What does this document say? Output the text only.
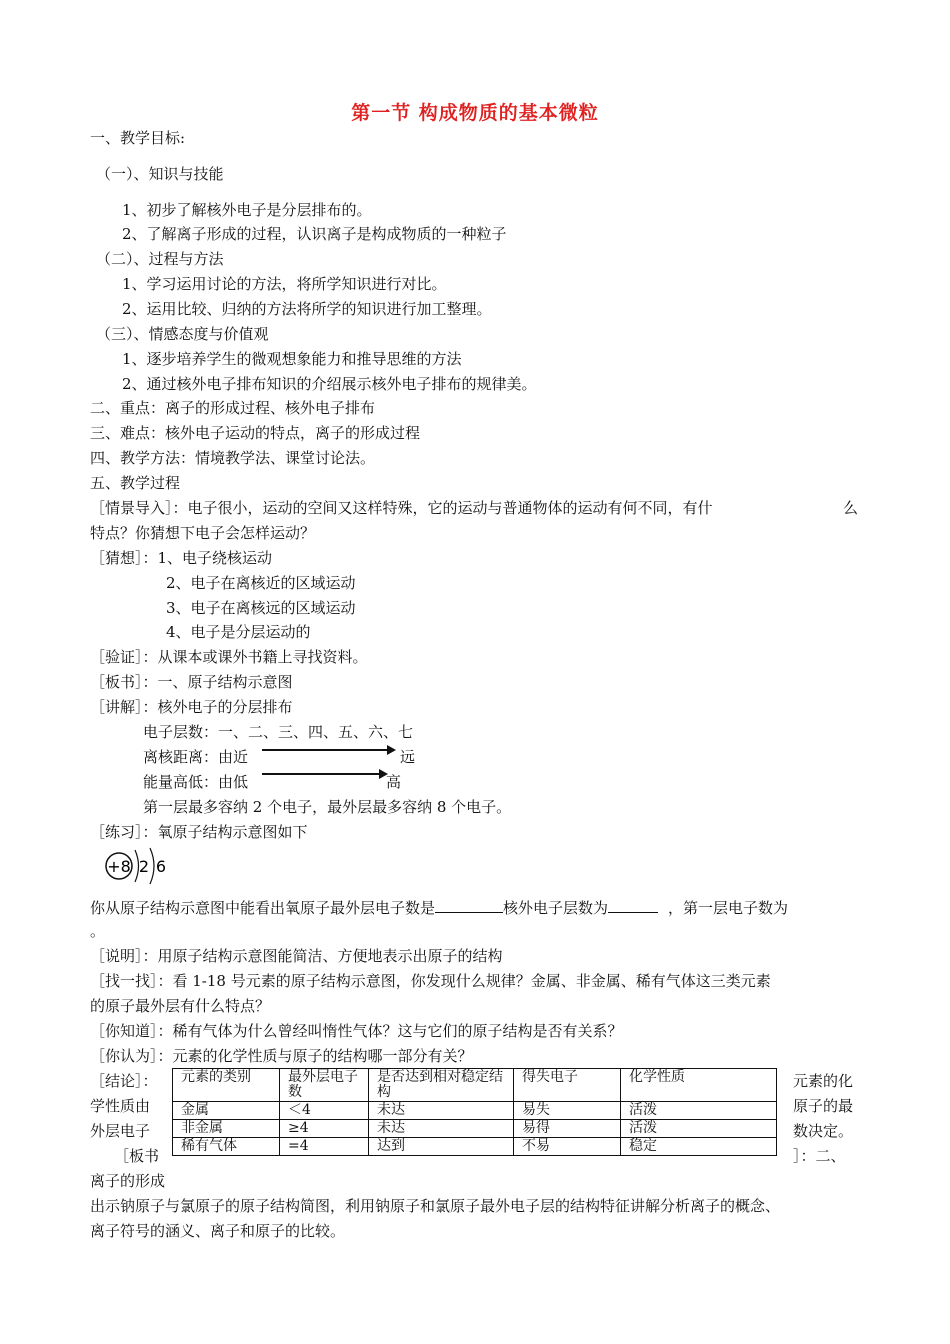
第一节 构成物质的基本微粒
一、教学目标:
（一）、知识与技能
1、初步了解核外电子是分层排布的。
2、了解离子形成的过程，认识离子是构成物质的一种粒子
（二）、过程与方法
1、学习运用讨论的方法，将所学知识进行对比。
2、运用比较、归纳的方法将所学的知识进行加工整理。
（三）、情感态度与价值观
1、逐步培养学生的微观想象能力和推导思维的方法
2、通过核外电子排布知识的介绍展示核外电子排布的规律美。
二、重点：离子的形成过程、核外电子排布
三、难点：核外电子运动的特点，离子的形成过程
四、教学方法：情境教学法、课堂讨论法。
五、教学过程
［情景导入］：电子很小，运动的空间又这样特殊，它的运动与普通物体的运动有何不同，有什	么
特点？你猜想下电子会怎样运动？
［猜想］：1、电子绕核运动
2、电子在离核近的区域运动
3、电子在离核远的区域运动
4、电子是分层运动的
［验证］：从课本或课外书籍上寻找资料。
［板书］：一、原子结构示意图
［讲解］：核外电子的分层排布
电子层数：一、二、三、四、五、六、七
离核距离：由近	远
能量高低：由低	高
第一层最多容纳 2 个电子，最外层最多容纳 8 个电子。
［练习］：氧原子结构示意图如下
+8 2 6
你从原子结构示意图中能看出氧原子最外层电子数是	核外电子层数为	，第一层电子数为
。
［说明］：用原子结构示意图能简洁、方便地表示出原子的结构
［找一找］：看 1-18 号元素的原子结构示意图，你发现什么规律？金属、非金属、稀有气体这三类元素
的原子最外层有什么特点？
［你知道］：稀有气体为什么曾经叫惰性气体？这与它们的原子结构是否有关系？
［你认为］：元素的化学性质与原子的结构哪一部分有关？
［结论］：
学性质由
外层电子
［板书
离子的形成
元素的化
原子的最
数决定。
］：二、
元素的类别	最外层电子数	是否达到相对稳定结构	得失电子	化学性质
金属	＜4	未达	易失	活泼
非金属	≥4	未达	易得	活泼
稀有气体	=4	达到	不易	稳定
出示钠原子与氯原子的原子结构简图，利用钠原子和氯原子最外电子层的结构特征讲解分析离子的概念、
离子符号的涵义、离子和原子的比较。
